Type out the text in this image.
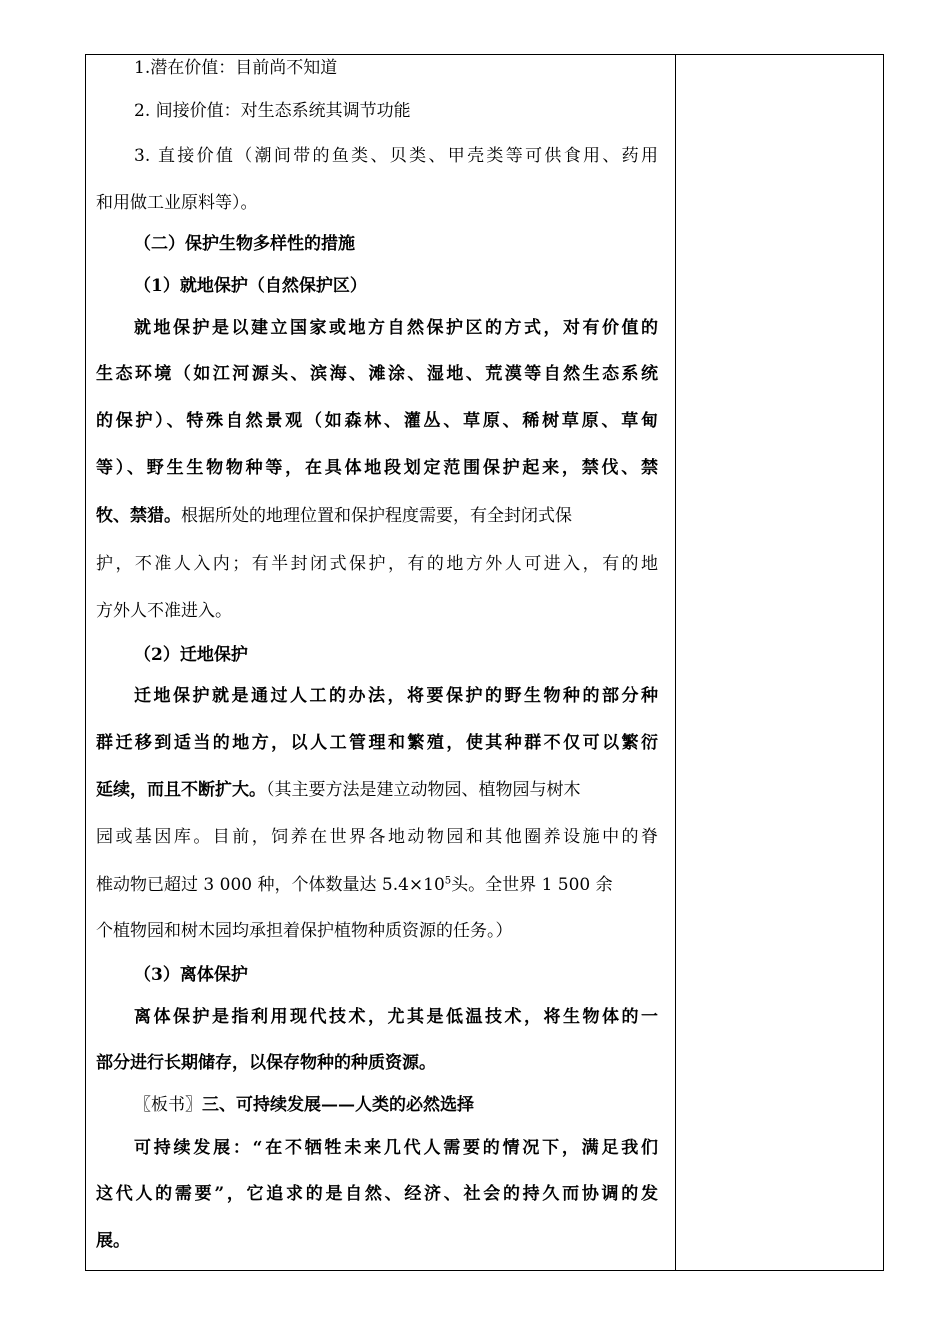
1.潜在价值：目前尚不知道
2. 间接价值：对生态系统其调节功能
3. 直接价值（潮间带的鱼类、贝类、甲壳类等可供食用、药用
和用做工业原料等）。
（二）保护生物多样性的措施
（1）就地保护（自然保护区）
就地保护是以建立国家或地方自然保护区的方式，对有价值的
生态环境（如江河源头、滨海、滩涂、湿地、荒漠等自然生态系统
的保护）、特殊自然景观（如森林、灌丛、草原、稀树草原、草甸
等）、野生生物物种等，在具体地段划定范围保护起来，禁伐、禁
牧、禁猎。根据所处的地理位置和保护程度需要，有全封闭式保
护，不准人入内；有半封闭式保护，有的地方外人可进入，有的地
方外人不准进入。
（2）迁地保护
迁地保护就是通过人工的办法，将要保护的野生物种的部分种
群迁移到适当的地方，以人工管理和繁殖，使其种群不仅可以繁衍
延续，而且不断扩大。（其主要方法是建立动物园、植物园与树木
园或基因库。目前，饲养在世界各地动物园和其他圈养设施中的脊
椎动物已超过 3 000 种，个体数量达 $5.4\times 10^5$头。全世界 1 500 余
个植物园和树木园均承担着保护植物种质资源的任务。）
（3）离体保护
离体保护是指利用现代技术，尤其是低温技术，将生物体的一
部分进行长期储存，以保存物种的种质资源。
〖板书〗三、可持续发展——人类的必然选择
可持续发展：“在不牺牲未来几代人需要的情况下，满足我们
这代人的需要”，它追求的是自然、经济、社会的持久而协调的发
展。
